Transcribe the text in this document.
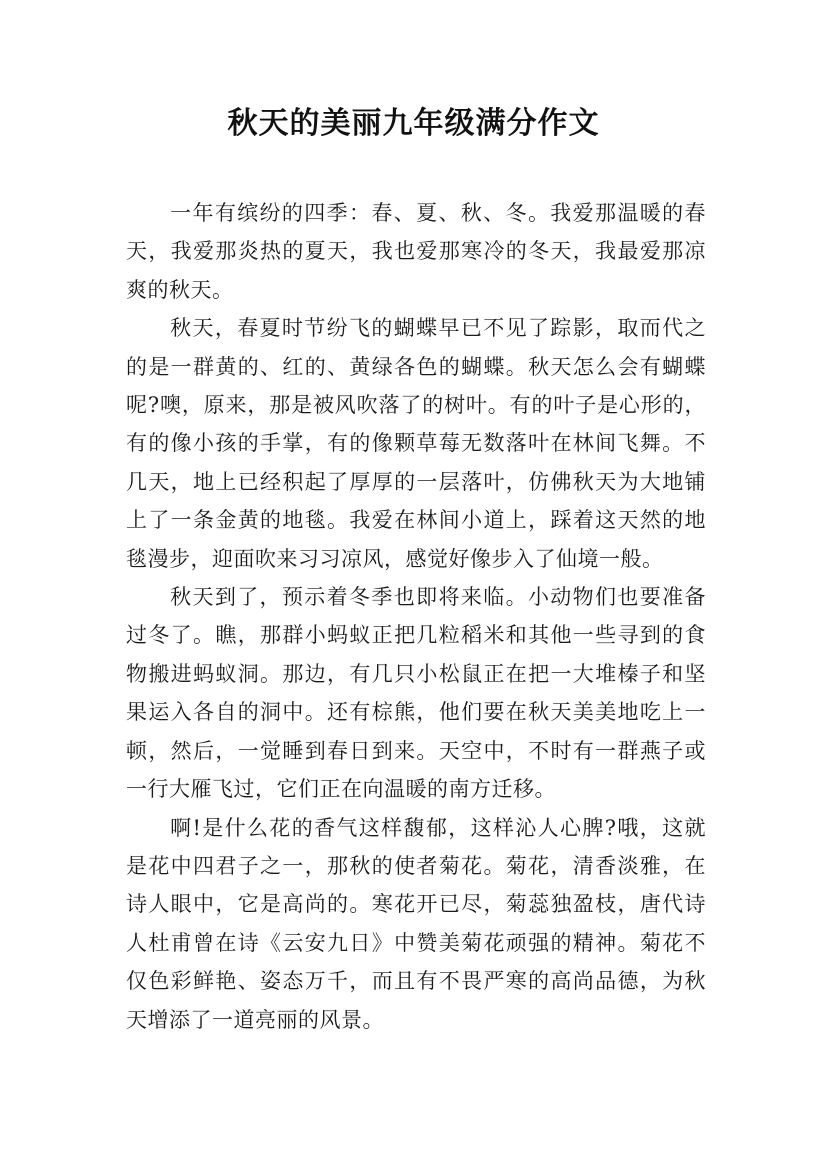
秋天的美丽九年级满分作文

一年有缤纷的四季：春、夏、秋、冬。我爱那温暖的春天，我爱那炎热的夏天，我也爱那寒冷的冬天，我最爱那凉爽的秋天。

秋天，春夏时节纷飞的蝴蝶早已不见了踪影，取而代之的是一群黄的、红的、黄绿各色的蝴蝶。秋天怎么会有蝴蝶呢?噢，原来，那是被风吹落了的树叶。有的叶子是心形的，有的像小孩的手掌，有的像颗草莓无数落叶在林间飞舞。不几天，地上已经积起了厚厚的一层落叶，仿佛秋天为大地铺上了一条金黄的地毯。我爱在林间小道上，踩着这天然的地毯漫步，迎面吹来习习凉风，感觉好像步入了仙境一般。

秋天到了，预示着冬季也即将来临。小动物们也要准备过冬了。瞧，那群小蚂蚁正把几粒稻米和其他一些寻到的食物搬进蚂蚁洞。那边，有几只小松鼠正在把一大堆榛子和坚果运入各自的洞中。还有棕熊，他们要在秋天美美地吃上一顿，然后，一觉睡到春日到来。天空中，不时有一群燕子或一行大雁飞过，它们正在向温暖的南方迁移。

啊!是什么花的香气这样馥郁，这样沁人心脾?哦，这就是花中四君子之一，那秋的使者菊花。菊花，清香淡雅，在诗人眼中，它是高尚的。寒花开已尽，菊蕊独盈枝，唐代诗人杜甫曾在诗《云安九日》中赞美菊花顽强的精神。菊花不仅色彩鲜艳、姿态万千，而且有不畏严寒的高尚品德，为秋天增添了一道亮丽的风景。
